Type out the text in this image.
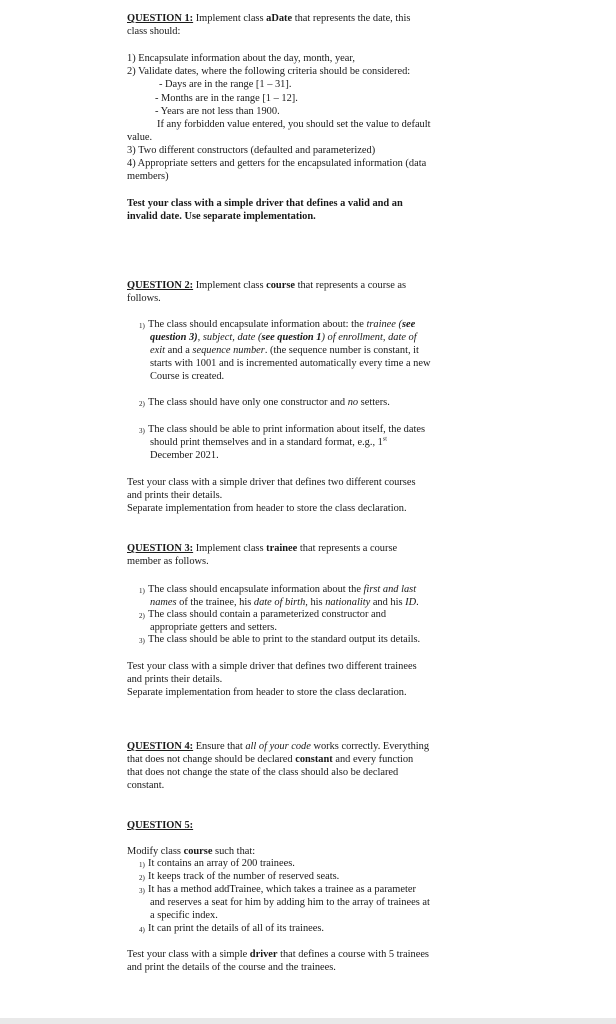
QUESTION 1: Implement class aDate that represents the date, this

class should:

1) Encapsulate information about the day, month, year,

2) Validate dates, where the following criteria should be considered:

- Days are in the range [1 – 31].

- Months are in the range [1 – 12].

- Years are not less than 1900.

If any forbidden value entered, you should set the value to default

value.

3) Two different constructors (defaulted and parameterized)

4) Appropriate setters and getters for the encapsulated information (data

members)

Test your class with a simple driver that defines a valid and an

invalid date. Use separate implementation.

QUESTION 2: Implement class course that represents a course as

follows.

1) The class should encapsulate information about: the trainee (see

question 3), subject, date (see question 1) of enrollment, date of

exit and a sequence number. (the sequence number is constant, it

starts with 1001 and is incremented automatically every time a new

Course is created.

2) The class should have only one constructor and no setters.

3) The class should be able to print information about itself, the dates

should print themselves and in a standard format, e.g., 1st

December 2021.

Test your class with a simple driver that defines two different courses

and prints their details.

Separate implementation from header to store the class declaration.

QUESTION 3: Implement class trainee that represents a course

member as follows.

1) The class should encapsulate information about the first and last

names of the trainee, his date of birth, his nationality and his ID.

2) The class should contain a parameterized constructor and

appropriate getters and setters.

3) The class should be able to print to the standard output its details.

Test your class with a simple driver that defines two different trainees

and prints their details.

Separate implementation from header to store the class declaration.

QUESTION 4: Ensure that all of your code works correctly. Everything

that does not change should be declared constant and every function

that does not change the state of the class should also be declared

constant.

QUESTION 5:

Modify class course such that:

1) It contains an array of 200 trainees.

2) It keeps track of the number of reserved seats.

3) It has a method addTrainee, which takes a trainee as a parameter

and reserves a seat for him by adding him to the array of trainees at

a specific index.

4) It can print the details of all of its trainees.

Test your class with a simple driver that defines a course with 5 trainees

and print the details of the course and the trainees.
